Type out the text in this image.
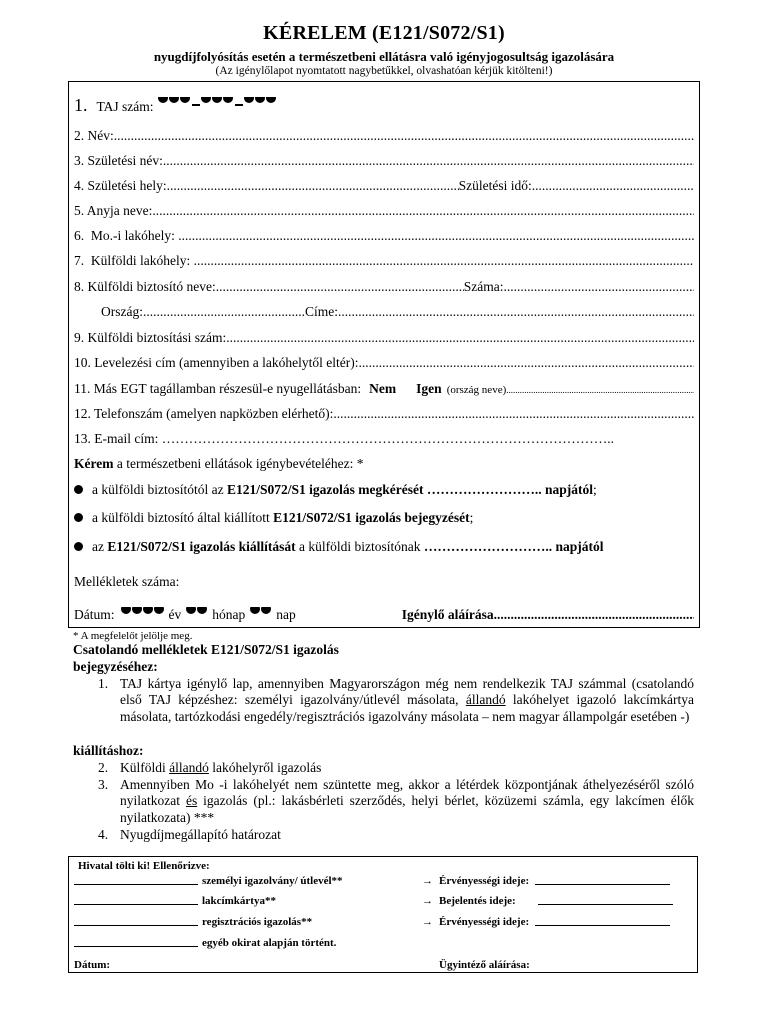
KÉRELEM (E121/S072/S1)
nyugdíjfolyósítás esetén a természetbeni ellátásra való igényjogosultság igazolására
(Az igénylőlapot nyomtatott nagybetűkkel, olvashatóan kérjük kitölteni!)
1. TAJ szám:
2. Név:
.....
3. Születési név:
.....
4. Születési hely: .....	Születési idő:
.....
5. Anyja neve:
.....
6.  Mo.-i lakóhely:
.....
7.  Külföldi lakóhely:
.....
8. Külföldi biztosító neve: .....	Száma:
.....
Ország: .....	Címe:
.....
9. Külföldi biztosítási szám:
.....
10. Levelezési cím (amennyiben a lakóhelytől eltér):
.....
11. Más EGT tagállamban részesül-e nyugellátásban: Nem Igen (ország neve)
.....
12. Telefonszám (amelyen napközben elérhető):
.....
13. E-mail cím: ………………………………………………………………………………………..
Kérem a természetbeni ellátások igénybevételéhez: *
a külföldi biztosítótól az E121/S072/S1 igazolás megkérését …………………….. napjától ;
a külföldi biztosító által kiállított E121/S072/S1 igazolás bejegyzését ;
az E121/S072/S1 igazolás kiállítását a külföldi biztosítónak ……………………….. napjától
Mellékletek száma:
Dátum:	év hónap nap	Igénylő aláírása
.....
* A megfelelőt jelölje meg.
Csatolandó mellékletek E121/S072/S1 igazolás
bejegyzéséhez:
1. TAJ kártya igénylő lap, amennyiben Magyarországon még nem rendelkezik TAJ számmal (csatolandó első TAJ képzéshez: személyi igazolvány/útlevél másolata, állandó lakóhelyet igazoló lakcímkártya másolata, tartózkodási engedély/regisztrációs igazolvány másolata – nem magyar állampolgár esetében -)
kiállításhoz:
2. Külföldi állandó lakóhelyről igazolás
3. Amennyiben Mo -i lakóhelyét nem szüntette meg, akkor a létérdek központjának áthelyezéséről szóló nyilatkozat és igazolás (pl.: lakásbérleti szerződés, helyi bérlet, közüzemi számla, egy lakcímen élők nyilatkozata) ***
4. Nyugdíjmegállapító határozat
Hivatal tölti ki! Ellenőrizve:
személyi igazolvány/ útlevél**	→ Érvényességi ideje:
lakcímkártya**	→ Bejelentés ideje:
regisztrációs igazolás**	→ Érvényességi ideje:
egyéb okirat alapján történt.
Dátum:	Ügyintéző aláírása:
